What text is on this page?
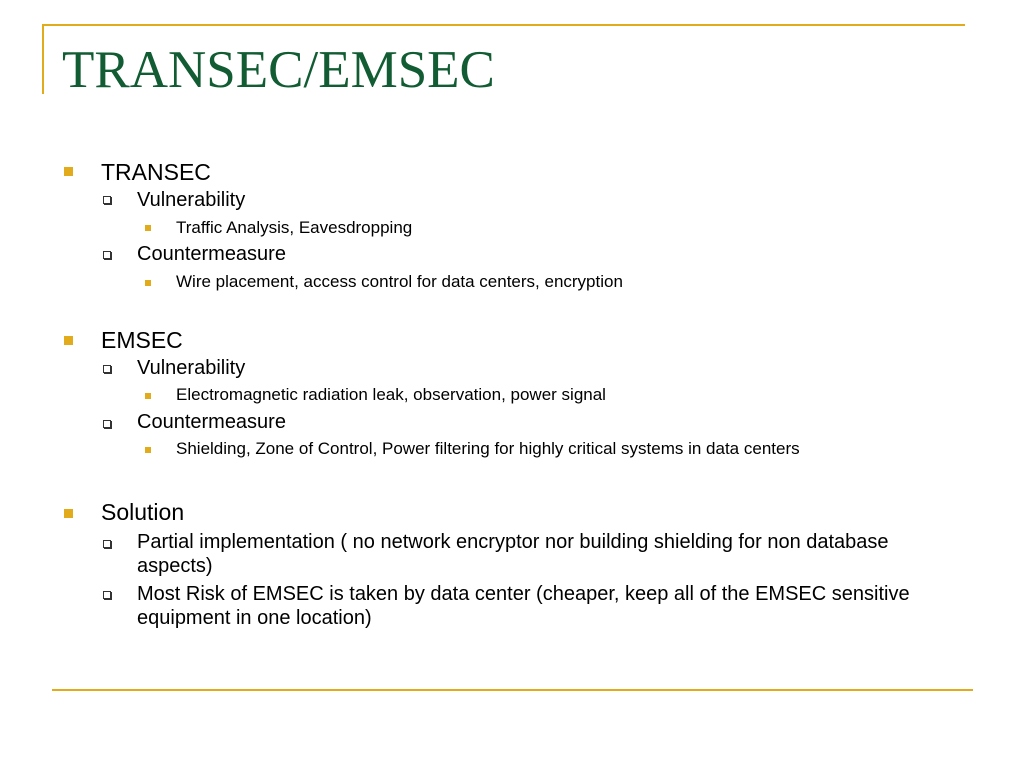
TRANSEC/EMSEC
TRANSEC
Vulnerability
Traffic Analysis, Eavesdropping
Countermeasure
Wire placement, access control for data centers, encryption
EMSEC
Vulnerability
Electromagnetic radiation leak, observation, power signal
Countermeasure
Shielding, Zone of Control, Power filtering for highly critical systems in data centers
Solution
Partial implementation ( no network encryptor nor building shielding for non database aspects)
Most Risk of EMSEC is taken by data center (cheaper, keep all of the EMSEC sensitive equipment in one location)
